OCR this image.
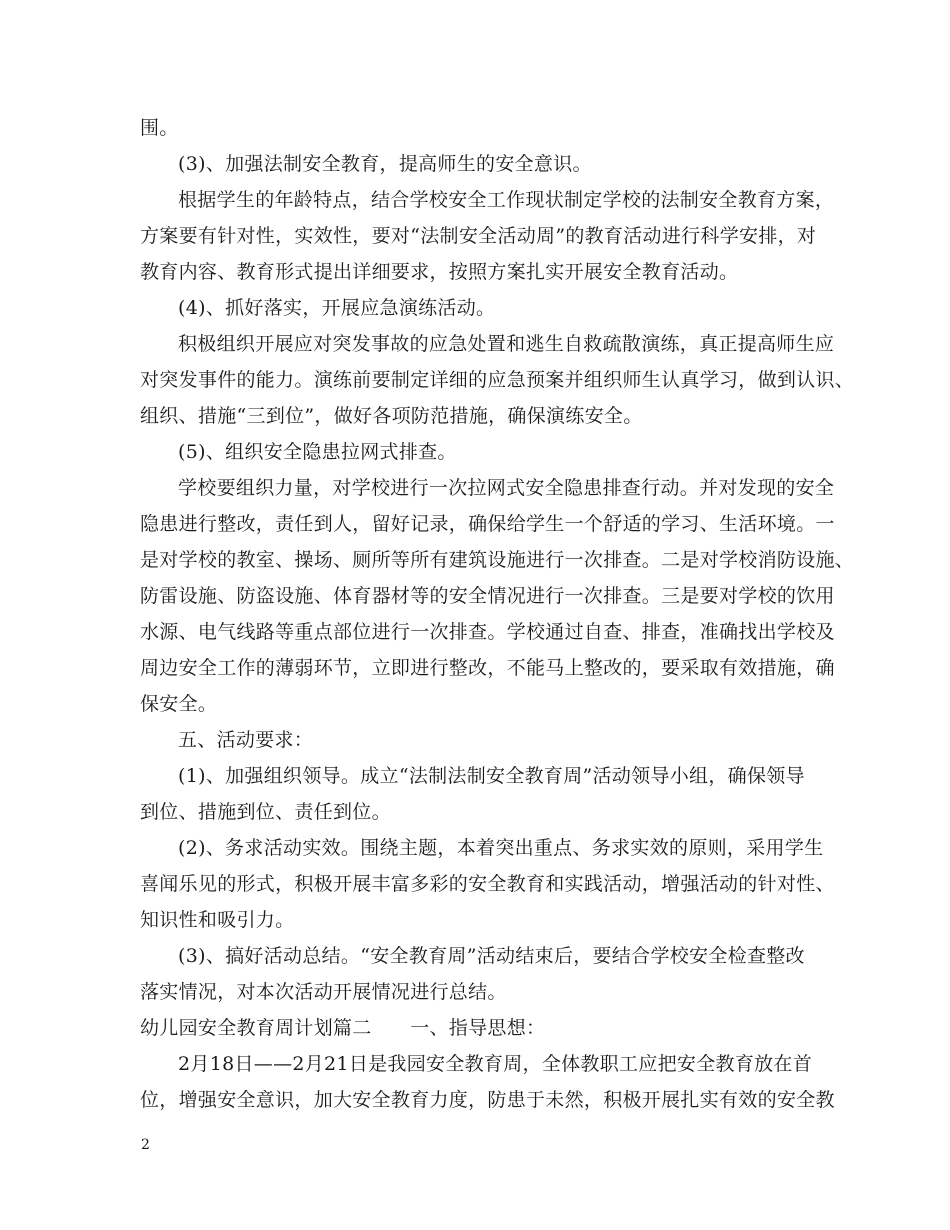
围。
(3)、加强法制安全教育，提高师生的安全意识。
根据学生的年龄特点，结合学校安全工作现状制定学校的法制安全教育方案，
方案要有针对性，实效性，要对“法制安全活动周”的教育活动进行科学安排，对
教育内容、教育形式提出详细要求，按照方案扎实开展安全教育活动。
(4)、抓好落实，开展应急演练活动。
积极组织开展应对突发事故的应急处置和逃生自救疏散演练，真正提高师生应
对突发事件的能力。演练前要制定详细的应急预案并组织师生认真学习，做到认识、
组织、措施“三到位”，做好各项防范措施，确保演练安全。
(5)、组织安全隐患拉网式排查。
学校要组织力量，对学校进行一次拉网式安全隐患排查行动。并对发现的安全
隐患进行整改，责任到人，留好记录，确保给学生一个舒适的学习、生活环境。一
是对学校的教室、操场、厕所等所有建筑设施进行一次排查。二是对学校消防设施、
防雷设施、防盗设施、体育器材等的安全情况进行一次排查。三是要对学校的饮用
水源、电气线路等重点部位进行一次排查。学校通过自查、排查，准确找出学校及
周边安全工作的薄弱环节，立即进行整改，不能马上整改的，要采取有效措施，确
保安全。
五、活动要求：
(1)、加强组织领导。成立“法制法制安全教育周”活动领导小组，确保领导
到位、措施到位、责任到位。
(2)、务求活动实效。围绕主题，本着突出重点、务求实效的原则，采用学生
喜闻乐见的形式，积极开展丰富多彩的安全教育和实践活动，增强活动的针对性、
知识性和吸引力。
(3)、搞好活动总结。“安全教育周”活动结束后，要结合学校安全检查整改
落实情况，对本次活动开展情况进行总结。
幼儿园安全教育周计划篇二　　一、指导思想：
2月18日——2月21日是我园安全教育周，全体教职工应把安全教育放在首
位，增强安全意识，加大安全教育力度，防患于未然，积极开展扎实有效的安全教
2
